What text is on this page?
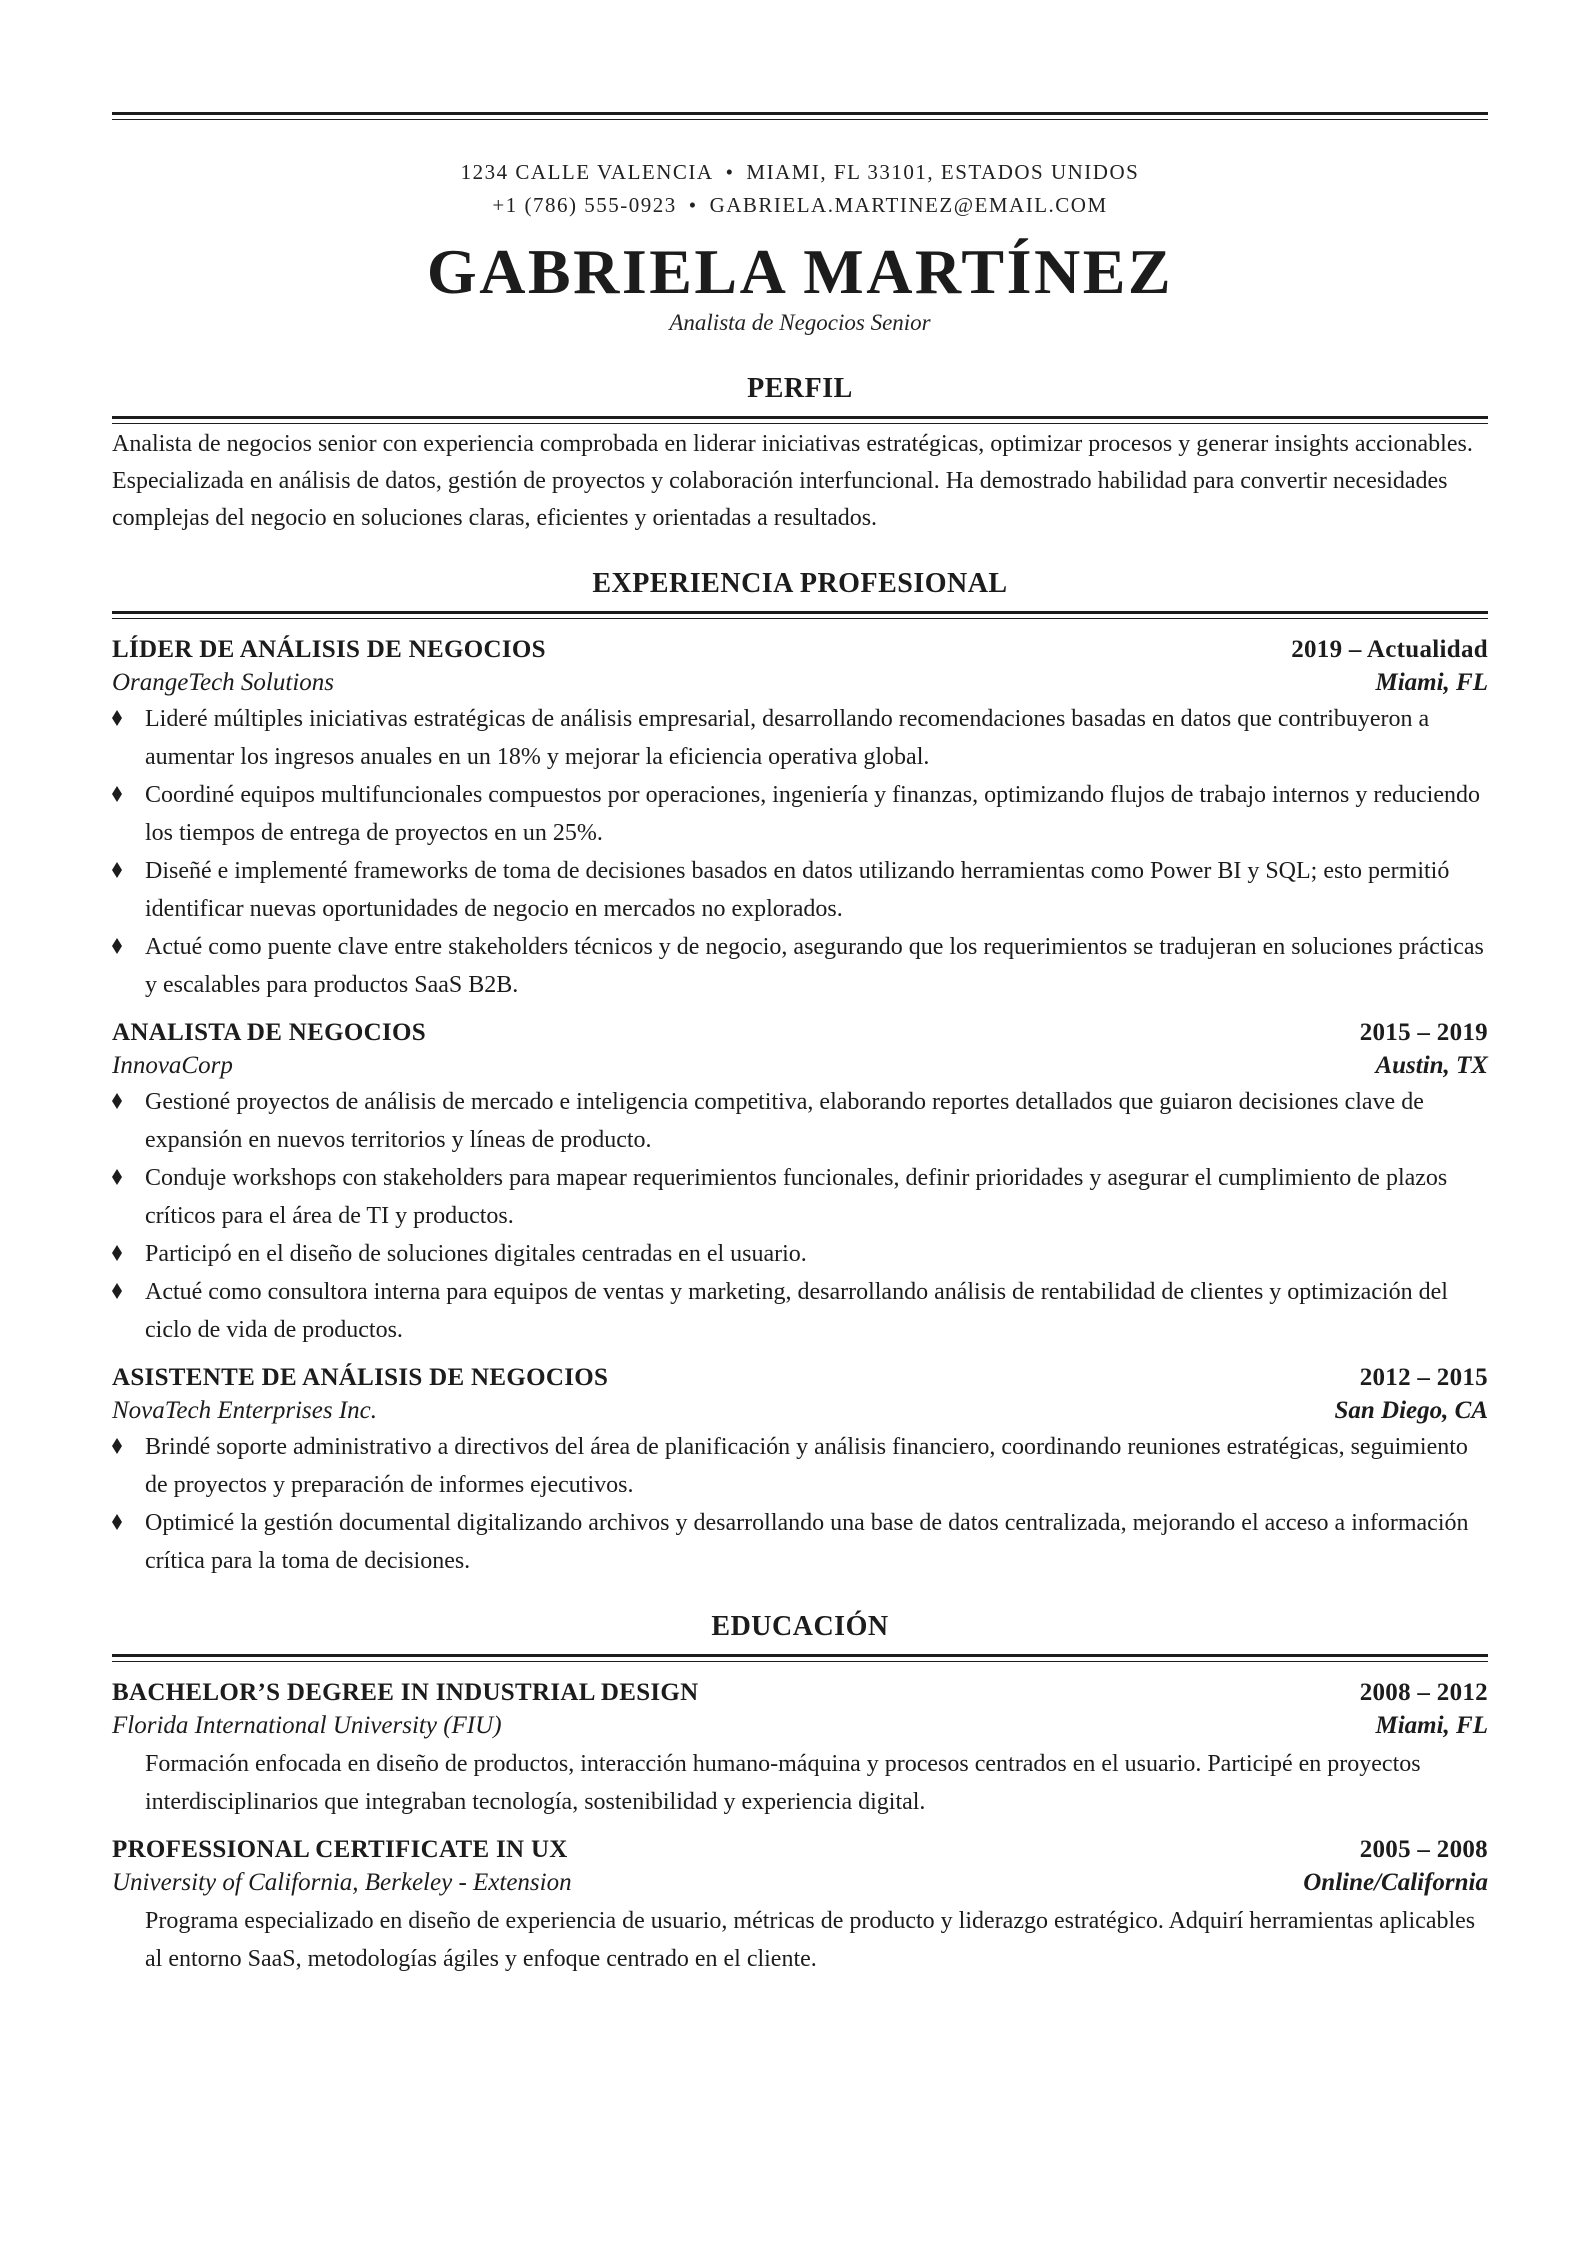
1234 CALLE VALENCIA • MIAMI, FL 33101, ESTADOS UNIDOS
+1 (786) 555-0923 • GABRIELA.MARTINEZ@EMAIL.COM
GABRIELA MARTÍNEZ
Analista de Negocios Senior
PERFIL
Analista de negocios senior con experiencia comprobada en liderar iniciativas estratégicas, optimizar procesos y generar insights accionables. Especializada en análisis de datos, gestión de proyectos y colaboración interfuncional. Ha demostrado habilidad para convertir necesidades complejas del negocio en soluciones claras, eficientes y orientadas a resultados.
EXPERIENCIA PROFESIONAL
LÍDER DE ANÁLISIS DE NEGOCIOS	2019 – Actualidad
OrangeTech Solutions	Miami, FL
Lideré múltiples iniciativas estratégicas de análisis empresarial, desarrollando recomendaciones basadas en datos que contribuyeron a aumentar los ingresos anuales en un 18% y mejorar la eficiencia operativa global.
Coordiné equipos multifuncionales compuestos por operaciones, ingeniería y finanzas, optimizando flujos de trabajo internos y reduciendo los tiempos de entrega de proyectos en un 25%.
Diseñé e implementé frameworks de toma de decisiones basados en datos utilizando herramientas como Power BI y SQL; esto permitió identificar nuevas oportunidades de negocio en mercados no explorados.
Actué como puente clave entre stakeholders técnicos y de negocio, asegurando que los requerimientos se tradujeran en soluciones prácticas y escalables para productos SaaS B2B.
ANALISTA DE NEGOCIOS	2015 – 2019
InnovaCorp	Austin, TX
Gestioné proyectos de análisis de mercado e inteligencia competitiva, elaborando reportes detallados que guiaron decisiones clave de expansión en nuevos territorios y líneas de producto.
Conduje workshops con stakeholders para mapear requerimientos funcionales, definir prioridades y asegurar el cumplimiento de plazos críticos para el área de TI y productos.
Participó en el diseño de soluciones digitales centradas en el usuario.
Actué como consultora interna para equipos de ventas y marketing, desarrollando análisis de rentabilidad de clientes y optimización del ciclo de vida de productos.
ASISTENTE DE ANÁLISIS DE NEGOCIOS	2012 – 2015
NovaTech Enterprises Inc.	San Diego, CA
Brindé soporte administrativo a directivos del área de planificación y análisis financiero, coordinando reuniones estratégicas, seguimiento de proyectos y preparación de informes ejecutivos.
Optimicé la gestión documental digitalizando archivos y desarrollando una base de datos centralizada, mejorando el acceso a información crítica para la toma de decisiones.
EDUCACIÓN
BACHELOR’S DEGREE IN INDUSTRIAL DESIGN	2008 – 2012
Florida International University (FIU)	Miami, FL
Formación enfocada en diseño de productos, interacción humano-máquina y procesos centrados en el usuario. Participé en proyectos interdisciplinarios que integraban tecnología, sostenibilidad y experiencia digital.
PROFESSIONAL CERTIFICATE IN UX	2005 – 2008
University of California, Berkeley - Extension	Online/California
Programa especializado en diseño de experiencia de usuario, métricas de producto y liderazgo estratégico. Adquirí herramientas aplicables al entorno SaaS, metodologías ágiles y enfoque centrado en el cliente.
